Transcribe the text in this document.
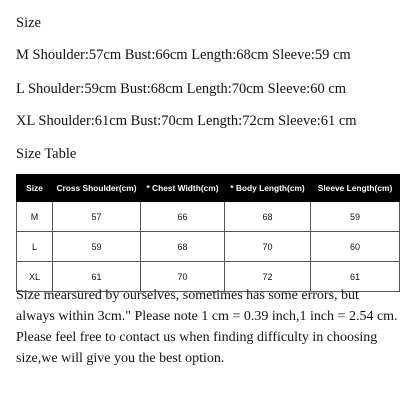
Size
M Shoulder:57cm Bust:66cm Length:68cm Sleeve:59 cm
L Shoulder:59cm Bust:68cm Length:70cm Sleeve:60 cm
XL Shoulder:61cm Bust:70cm Length:72cm Sleeve:61 cm
Size Table
Size	Cross Shoulder(cm)	* Chest Width(cm)	* Body Length(cm)	Sleeve Length(cm)
M	57	66	68	59
L	59	68	70	60
XL	61	70	72	61

Size mearsured by ourselves, sometimes has some errors, but

always within 3cm." Please note 1 cm = 0.39 inch,1 inch = 2.54 cm.

Please feel free to contact us when finding difficulty in choosing

size,we will give you the best option.
